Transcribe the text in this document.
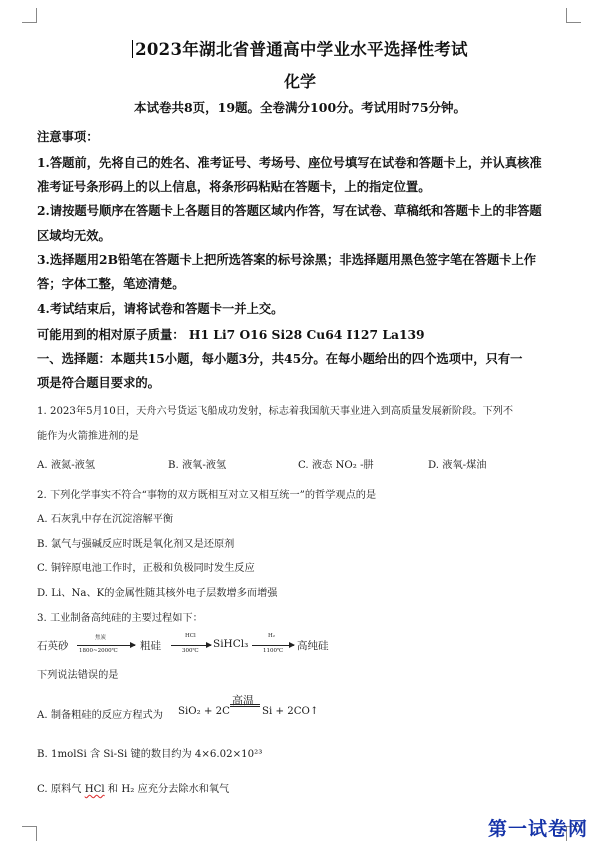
2023年湖北省普通高中学业水平选择性考试
化学
本试卷共8页，19题。全卷满分100分。考试用时75分钟。
注意事项：
1.答题前，先将自己的姓名、准考证号、考场号、座位号填写在试卷和答题卡上，并认真核准
准考证号条形码上的以上信息，将条形码粘贴在答题卡，上的指定位置。
2.请按题号顺序在答题卡上各题目的答题区域内作答，写在试卷、草稿纸和答题卡上的非答题
区域均无效。
3.选择题用2B铅笔在答题卡上把所选答案的标号涂黑；非选择题用黑色签字笔在答题卡上作
答；字体工整，笔迹清楚。
4.考试结束后，请将试卷和答题卡一并上交。
可能用到的相对原子质量： H1 Li7 O16 Si28 Cu64 I127 La139
一、选择题：本题共15小题，每小题3分，共45分。在每小题给出的四个选项中，只有一
项是符合题目要求的。
1. 2023年5月10日，天舟六号货运飞船成功发射，标志着我国航天事业进入到高质量发展新阶段。下列不
能作为火箭推进剂的是
A. 液氮-液氢	B. 液氧-液氢	C. 液态 NO₂ -肼	D. 液氧-煤油
2. 下列化学事实不符合“事物的双方既相互对立又相互统一”的哲学观点的是
A. 石灰乳中存在沉淀溶解平衡
B. 氯气与强碱反应时既是氧化剂又是还原剂
C. 铜锌原电池工作时，正极和负极同时发生反应
D. Li、Na、K的金属性随其核外电子层数增多而增强
3. 工业制备高纯硅的主要过程如下：
石英砂
焦炭
1800~2000℃ 粗硅
HCl
300℃
SiHCl₃
H₂
1100℃ 高纯硅
下列说法错误的是
A. 制备粗硅的反应方程式为 SiO₂ + 2C
高温
Si + 2CO↑
B. 1molSi 含 Si-Si 键的数目约为 4×6.02×10²³
C. 原料气 HCl 和 H₂ 应充分去除水和氧气
第一试卷网
